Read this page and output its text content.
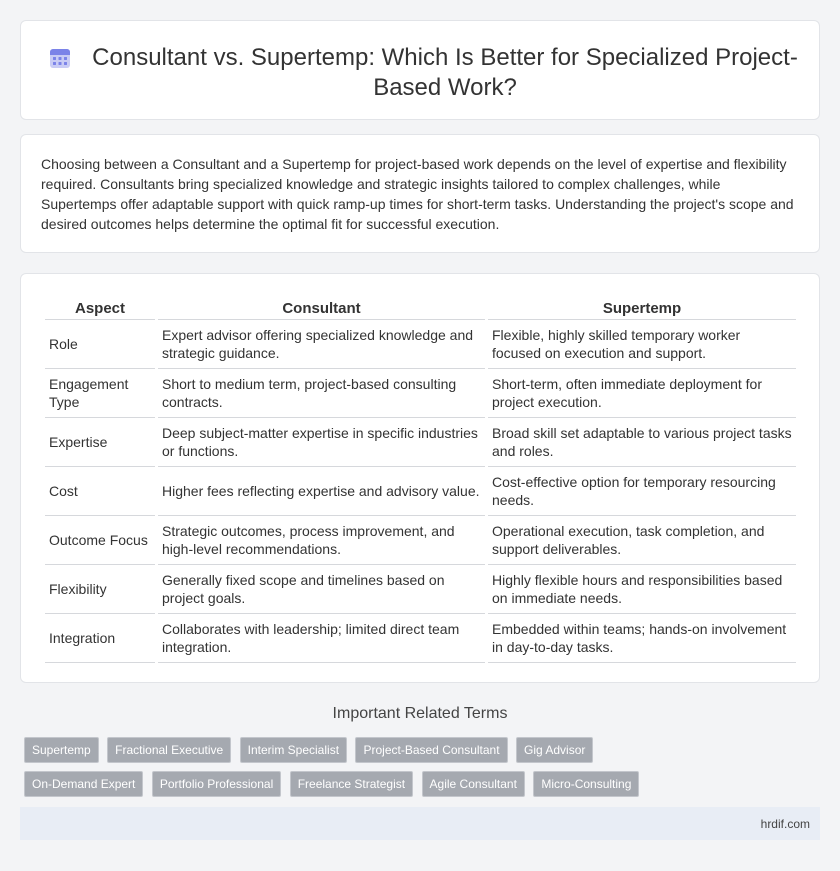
Consultant vs. Supertemp: Which Is Better for Specialized Project-Based Work?

Choosing between a Consultant and a Supertemp for project-based work depends on the level of expertise and flexibility required. Consultants bring specialized knowledge and strategic insights tailored to complex challenges, while Supertemps offer adaptable support with quick ramp-up times for short-term tasks. Understanding the project's scope and desired outcomes helps determine the optimal fit for successful execution.

Aspect	Consultant	Supertemp
Role	Expert advisor offering specialized knowledge and strategic guidance.	Flexible, highly skilled temporary worker focused on execution and support.
Engagement Type	Short to medium term, project-based consulting contracts.	Short-term, often immediate deployment for project execution.
Expertise	Deep subject-matter expertise in specific industries or functions.	Broad skill set adaptable to various project tasks and roles.
Cost	Higher fees reflecting expertise and advisory value.	Cost-effective option for temporary resourcing needs.
Outcome Focus	Strategic outcomes, process improvement, and high-level recommendations.	Operational execution, task completion, and support deliverables.
Flexibility	Generally fixed scope and timelines based on project goals.	Highly flexible hours and responsibilities based on immediate needs.
Integration	Collaborates with leadership; limited direct team integration.	Embedded within teams; hands-on involvement in day-to-day tasks.
Important Related Terms
Supertemp Fractional Executive Interim Specialist Project-Based Consultant Gig Advisor On-Demand Expert Portfolio Professional Freelance Strategist Agile Consultant Micro-Consulting
hrdif.com
